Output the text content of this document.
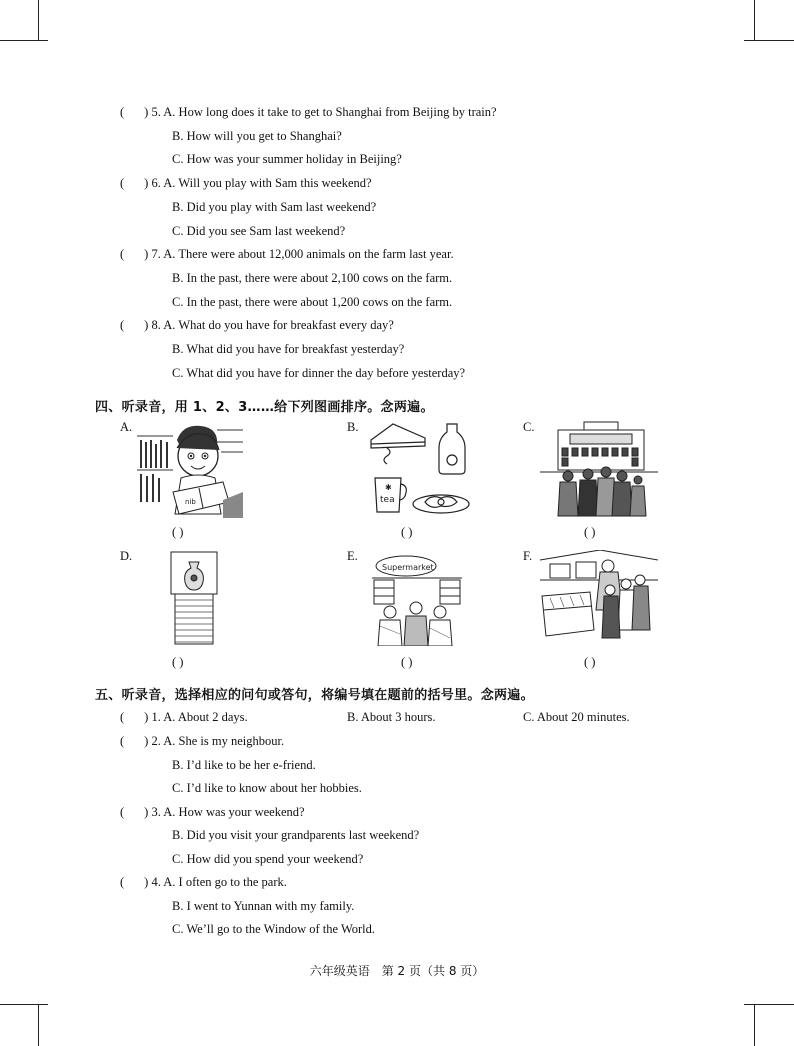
( ) 5. A. How long does it take to get to Shanghai from Beijing by train?
B. How will you get to Shanghai?
C. How was your summer holiday in Beijing?
( ) 6. A. Will you play with Sam this weekend?
B. Did you play with Sam last weekend?
C. Did you see Sam last weekend?
( ) 7. A. There were about 12,000 animals on the farm last year.
B. In the past, there were about 2,100 cows on the farm.
C. In the past, there were about 1,200 cows on the farm.
( ) 8. A. What do you have for breakfast every day?
B. What did you have for breakfast yesterday?
C. What did you have for dinner the day before yesterday?
四、听录音，用 1、2、3……给下列图画排序。念两遍。
A.	B.	C.
D.	E.	F.
nib	tea
✱
Supermarket
( )	( )	( )
( )	( )	( )
五、听录音，选择相应的问句或答句，将编号填在题前的括号里。念两遍。
( ) 1. A. About 2 days.	B. About 3 hours.	C. About 20 minutes.
( ) 2. A. She is my neighbour.
B. I’d like to be her e-friend.
C. I’d like to know about her hobbies.
( ) 3. A. How was your weekend?
B. Did you visit your grandparents last weekend?
C. How did you spend your weekend?
( ) 4. A. I often go to the park.
B. I went to Yunnan with my family.
C. We’ll go to the Window of the World.
六年级英语　第 2 页（共 8 页）
